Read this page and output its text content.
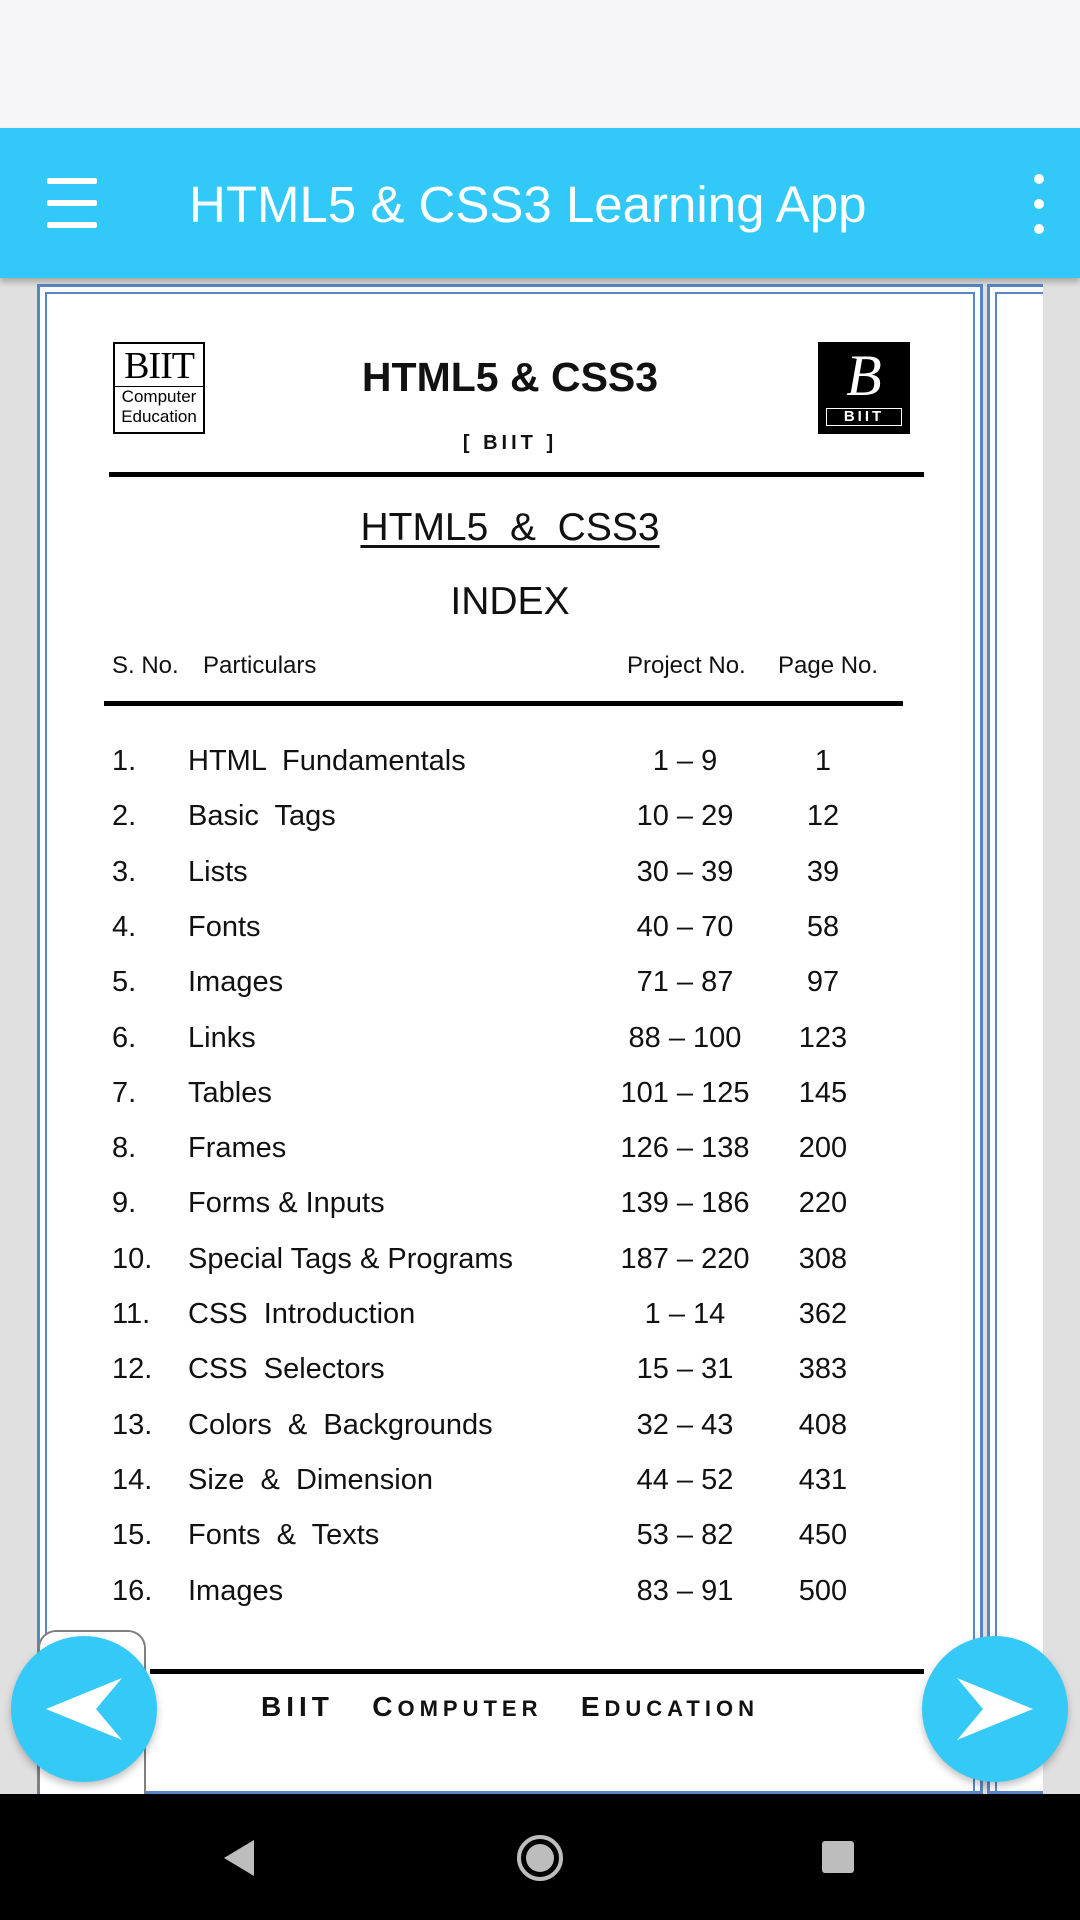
HTML5 & CSS3 Learning App
BIIT
Computer
Education
B
BIIT
HTML5 & CSS3
[ BIIT ]
HTML5  &  CSS3
INDEX
S. No. Particulars	Project No. Page No.
1. HTML  Fundamentals	1 – 9	1
2. Basic  Tags	10 – 29	12
3. Lists	30 – 39	39
4. Fonts	40 – 70	58
5. Images	71 – 87	97
6. Links	88 – 100	123
7. Tables	101 – 125	145
8. Frames	126 – 138	200
9. Forms & Inputs	139 – 186	220
10. Special Tags & Programs	187 – 220	308
11. CSS  Introduction	1 – 14	362
12. CSS  Selectors	15 – 31	383
13. Colors  &  Backgrounds	32 – 43	408
14. Size  &  Dimension	44 – 52	431
15. Fonts  &  Texts	53 – 82	450
16. Images	83 – 91	500
BIIT COMPUTER EDUCATION
